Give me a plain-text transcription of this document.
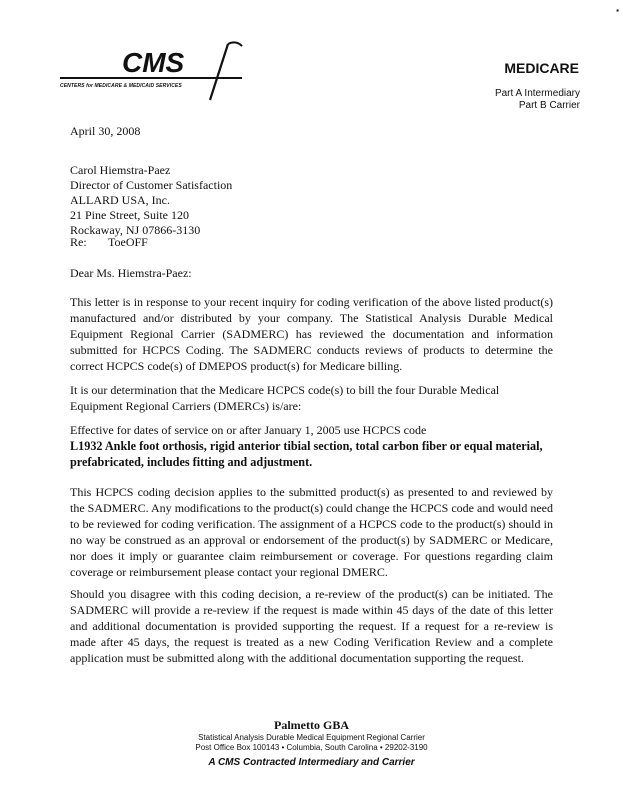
▪
CMS
CENTERS for MEDICARE & MEDICAID SERVICES
MEDICARE
Part A Intermediary
Part B Carrier
April 30, 2008
Carol Hiemstra-Paez
Director of Customer Satisfaction
ALLARD USA, Inc.
21 Pine Street, Suite 120
Rockaway, NJ 07866-3130
Re: ToeOFF
Dear Ms. Hiemstra-Paez:
This letter is in response to your recent inquiry for coding verification of the above listed product(s) manufactured and/or distributed by your company. The Statistical Analysis Durable Medical Equipment Regional Carrier (SADMERC) has reviewed the documentation and information submitted for HCPCS Coding. The SADMERC conducts reviews of products to determine the correct HCPCS code(s) of DMEPOS product(s) for Medicare billing.
It is our determination that the Medicare HCPCS code(s) to bill the four Durable Medical Equipment Regional Carriers (DMERCs) is/are:
Effective for dates of service on or after January 1, 2005 use HCPCS code
L1932 Ankle foot orthosis, rigid anterior tibial section, total carbon fiber or equal material, prefabricated, includes fitting and adjustment.
This HCPCS coding decision applies to the submitted product(s) as presented to and reviewed by the SADMERC. Any modifications to the product(s) could change the HCPCS code and would need to be reviewed for coding verification. The assignment of a HCPCS code to the product(s) should in no way be construed as an approval or endorsement of the product(s) by SADMERC or Medicare, nor does it imply or guarantee claim reimbursement or coverage. For questions regarding claim coverage or reimbursement please contact your regional DMERC.
Should you disagree with this coding decision, a re-review of the product(s) can be initiated. The SADMERC will provide a re-review if the request is made within 45 days of the date of this letter and additional documentation is provided supporting the request. If a request for a re-review is made after 45 days, the request is treated as a new Coding Verification Review and a complete application must be submitted along with the additional documentation supporting the request.
Palmetto GBA
Statistical Analysis Durable Medical Equipment Regional Carrier
Post Office Box 100143 • Columbia, South Carolina • 29202-3190
A CMS Contracted Intermediary and Carrier
